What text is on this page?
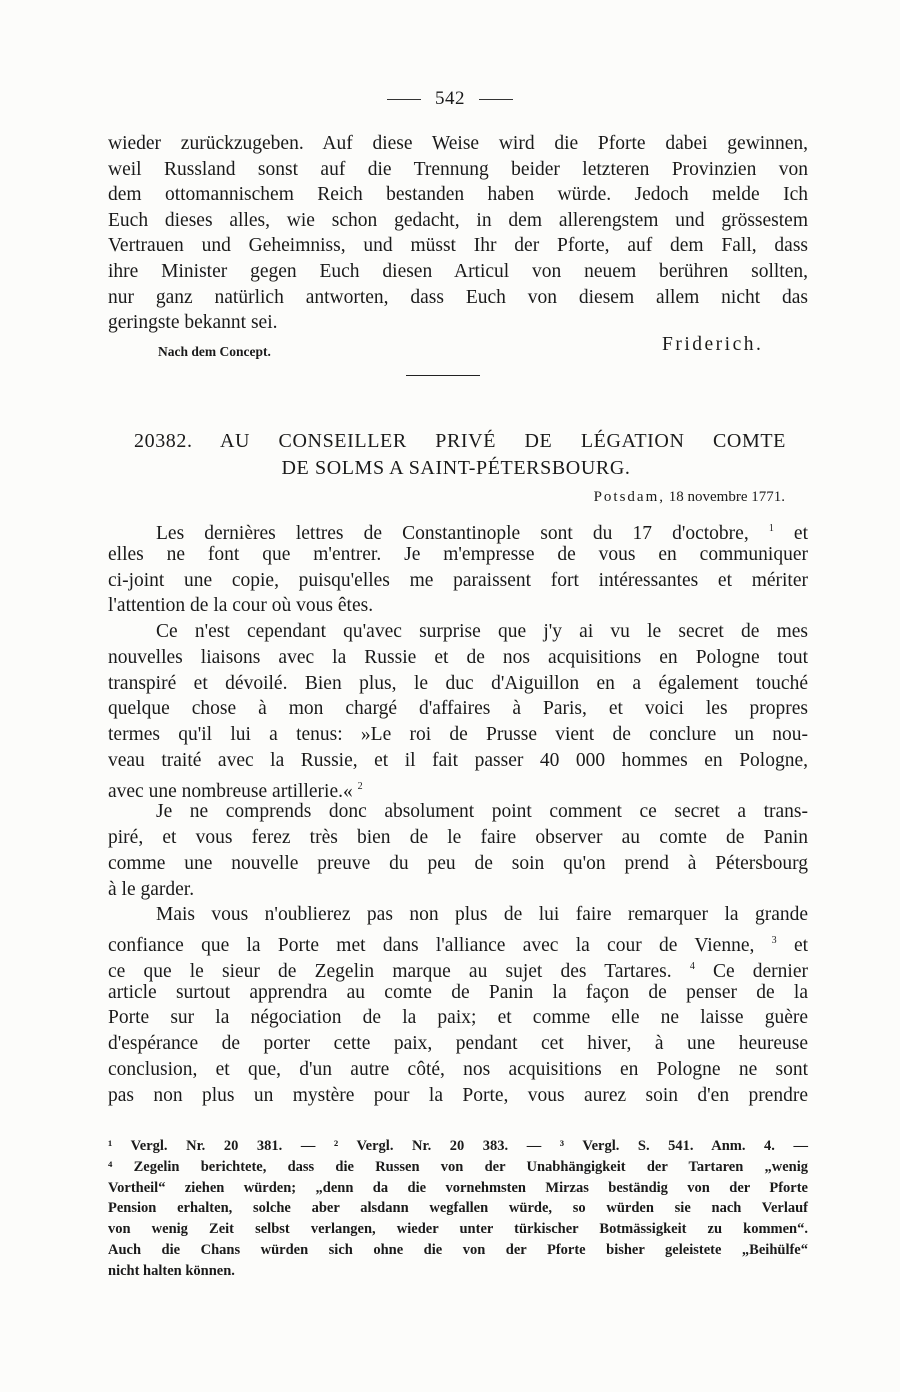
542
wieder zurückzugeben. Auf diese Weise wird die Pforte dabei gewinnen,
weil Russland sonst auf die Trennung beider letzteren Provinzien von
dem ottomannischem Reich bestanden haben würde. Jedoch melde Ich
Euch dieses alles, wie schon gedacht, in dem allerengstem und grössestem
Vertrauen und Geheimniss, und müsst Ihr der Pforte, auf dem Fall, dass
ihre Minister gegen Euch diesen Articul von neuem berühren sollten,
nur ganz natürlich antworten, dass Euch von diesem allem nicht das
geringste bekannt sei.
Nach dem Concept.	Friderich.
20382. AU CONSEILLER PRIVÉ DE LÉGATION COMTE
DE SOLMS A SAINT-PÉTERSBOURG.
Potsdam, 18 novembre 1771.
Les dernières lettres de Constantinople sont du 17 d'octobre, $^1$ et
elles ne font que m'entrer. Je m'empresse de vous en communiquer
ci-joint une copie, puisqu'elles me paraissent fort intéressantes et mériter
l'attention de la cour où vous êtes.
Ce n'est cependant qu'avec surprise que j'y ai vu le secret de mes
nouvelles liaisons avec la Russie et de nos acquisitions en Pologne tout
transpiré et dévoilé. Bien plus, le duc d'Aiguillon en a également touché
quelque chose à mon chargé d'affaires à Paris, et voici les propres
termes qu'il lui a tenus: »Le roi de Prusse vient de conclure un nou-
veau traité avec la Russie, et il fait passer 40 000 hommes en Pologne,
avec une nombreuse artillerie.« $^2$
Je ne comprends donc absolument point comment ce secret a trans-
piré, et vous ferez très bien de le faire observer au comte de Panin
comme une nouvelle preuve du peu de soin qu'on prend à Pétersbourg
à le garder.
Mais vous n'oublierez pas non plus de lui faire remarquer la grande
confiance que la Porte met dans l'alliance avec la cour de Vienne, $^3$ et
ce que le sieur de Zegelin marque au sujet des Tartares. $^4$ Ce dernier
article surtout apprendra au comte de Panin la façon de penser de la
Porte sur la négociation de la paix; et comme elle ne laisse guère
d'espérance de porter cette paix, pendant cet hiver, à une heureuse
conclusion, et que, d'un autre côté, nos acquisitions en Pologne ne sont
pas non plus un mystère pour la Porte, vous aurez soin d'en prendre
¹ Vergl. Nr. 20 381. — ² Vergl. Nr. 20 383. — ³ Vergl. S. 541. Anm. 4. —
⁴ Zegelin berichtete, dass die Russen von der Unabhängigkeit der Tartaren „wenig
Vortheil“ ziehen würden; „denn da die vornehmsten Mirzas beständig von der Pforte
Pension erhalten, solche aber alsdann wegfallen würde, so würden sie nach Verlauf
von wenig Zeit selbst verlangen, wieder unter türkischer Botmässigkeit zu kommen“.
Auch die Chans würden sich ohne die von der Pforte bisher geleistete „Beihülfe“
nicht halten können.
